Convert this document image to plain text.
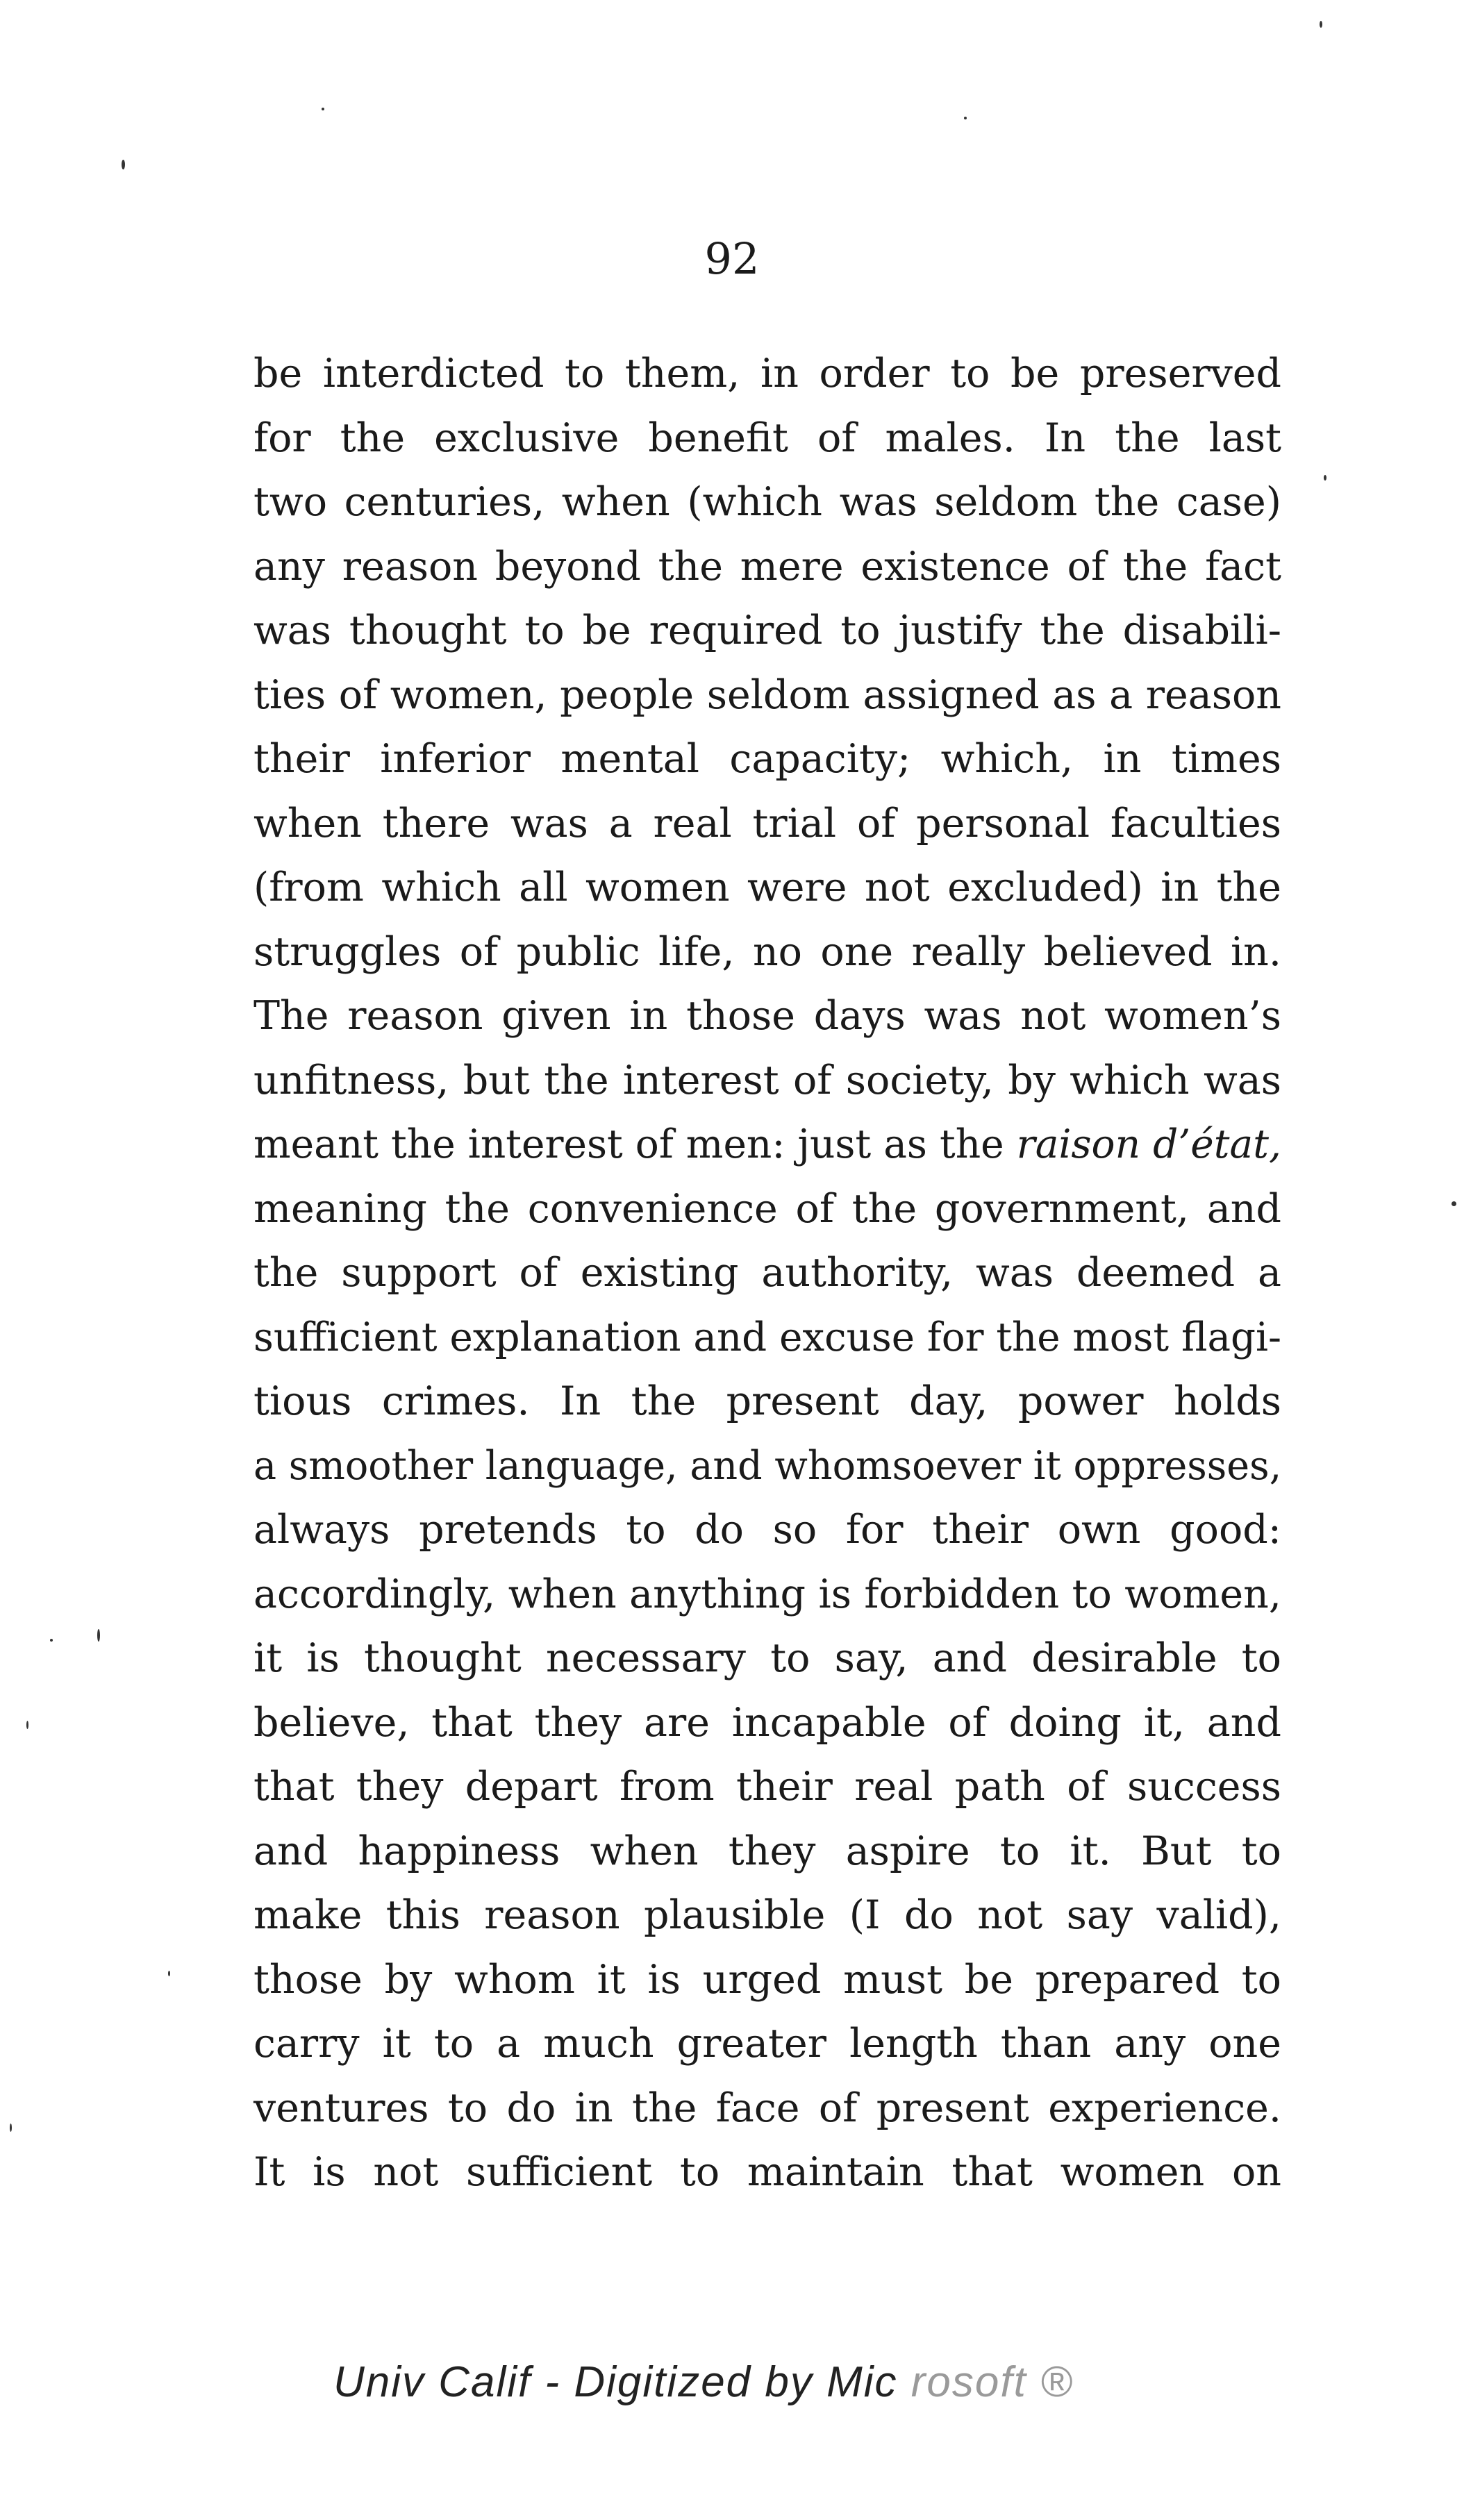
92
be interdicted to them, in order to be preserved
for the exclusive benefit of males. In the last
two centuries, when (which was seldom the case)
any reason beyond the mere existence of the fact
was thought to be required to justify the disabili-
ties of women, people seldom assigned as a reason
their inferior mental capacity; which, in times
when there was a real trial of personal faculties
(from which all women were not excluded) in the
struggles of public life, no one really believed in.
The reason given in those days was not women’s
unfitness, but the interest of society, by which was
meant the interest of men: just as the raison d’état,
meaning the convenience of the government, and
the support of existing authority, was deemed a
sufficient explanation and excuse for the most flagi-
tious crimes. In the present day, power holds
a smoother language, and whomsoever it oppresses,
always pretends to do so for their own good:
accordingly, when anything is forbidden to women,
it is thought necessary to say, and desirable to
believe, that they are incapable of doing it, and
that they depart from their real path of success
and happiness when they aspire to it. But to
make this reason plausible (I do not say valid),
those by whom it is urged must be prepared to
carry it to a much greater length than any one
ventures to do in the face of present experience.
It is not sufficient to maintain that women on
Univ Calif - Digitized by Mic rosoft ®
